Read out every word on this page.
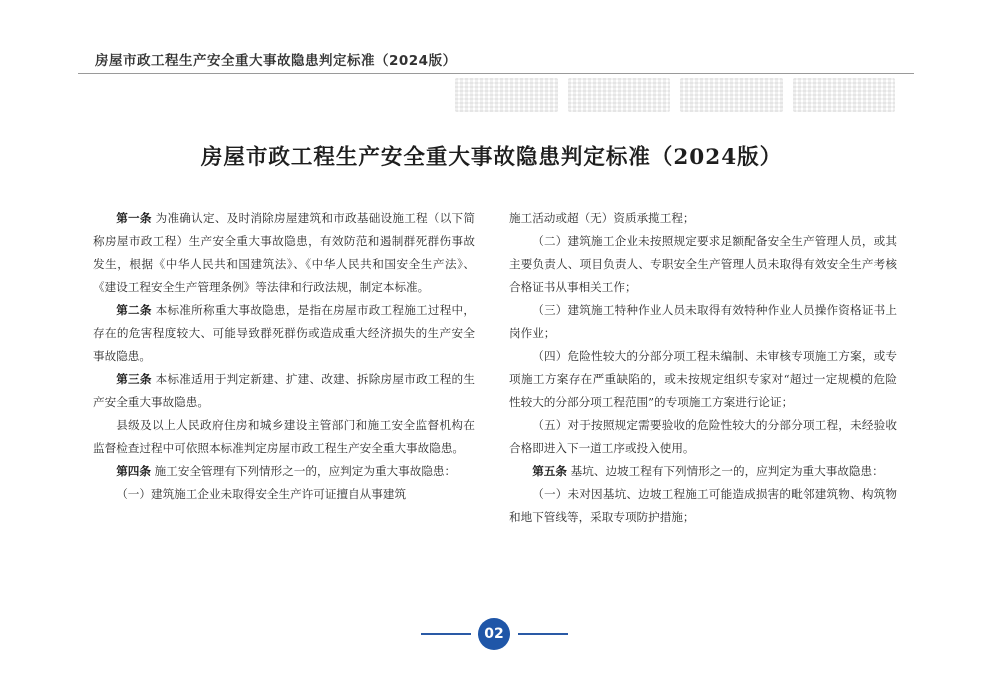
房屋市政工程生产安全重大事故隐患判定标准（2024版）
房屋市政工程生产安全重大事故隐患判定标准（2024版）

第一条 为准确认定、及时消除房屋建筑和市政基础设施工程（以下简称房屋市政工程）生产安全重大事故隐患，有效防范和遏制群死群伤事故发生，根据《中华人民共和国建筑法》、《中华人民共和国安全生产法》、《建设工程安全生产管理条例》等法律和行政法规，制定本标准。

第二条 本标准所称重大事故隐患，是指在房屋市政工程施工过程中，存在的危害程度较大、可能导致群死群伤或造成重大经济损失的生产安全事故隐患。

第三条 本标准适用于判定新建、扩建、改建、拆除房屋市政工程的生产安全重大事故隐患。

县级及以上人民政府住房和城乡建设主管部门和施工安全监督机构在监督检查过程中可依照本标准判定房屋市政工程生产安全重大事故隐患。

第四条 施工安全管理有下列情形之一的，应判定为重大事故隐患：

（一）建筑施工企业未取得安全生产许可证擅自从事建筑

施工活动或超（无）资质承揽工程；

（二）建筑施工企业未按照规定要求足额配备安全生产管理人员，或其主要负责人、项目负责人、专职安全生产管理人员未取得有效安全生产考核合格证书从事相关工作；

（三）建筑施工特种作业人员未取得有效特种作业人员操作资格证书上岗作业；

（四）危险性较大的分部分项工程未编制、未审核专项施工方案，或专项施工方案存在严重缺陷的，或未按规定组织专家对“超过一定规模的危险性较大的分部分项工程范围”的专项施工方案进行论证；

（五）对于按照规定需要验收的危险性较大的分部分项工程，未经验收合格即进入下一道工序或投入使用。

第五条 基坑、边坡工程有下列情形之一的，应判定为重大事故隐患：

（一）未对因基坑、边坡工程施工可能造成损害的毗邻建筑物、构筑物和地下管线等，采取专项防护措施；

02
